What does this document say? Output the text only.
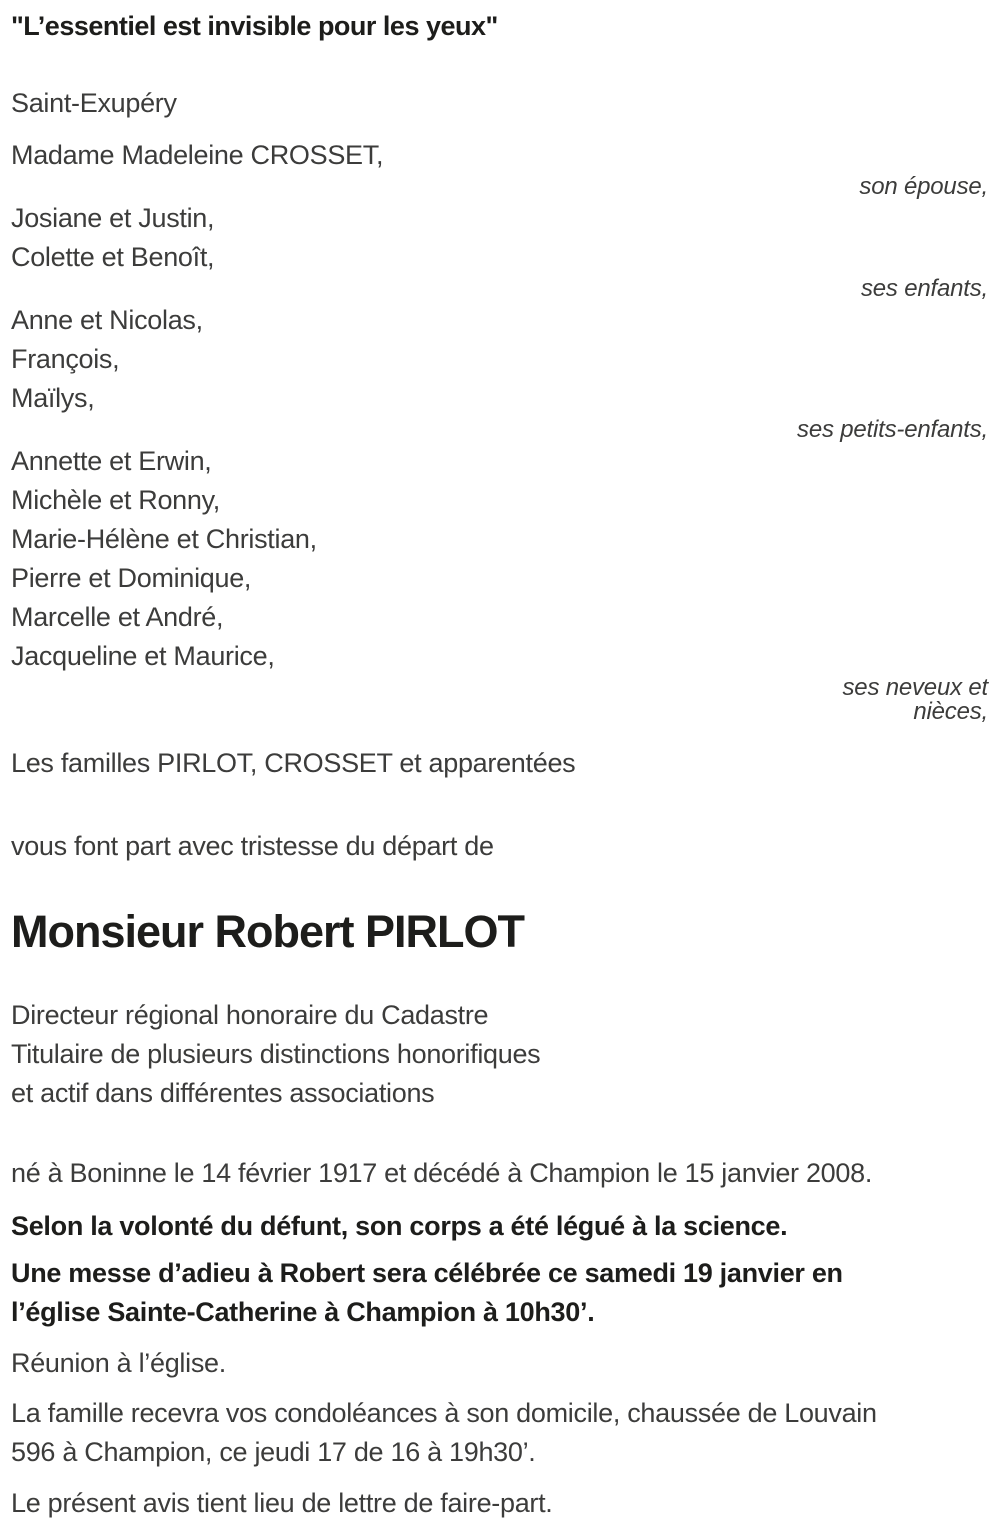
"L’essentiel est invisible pour les yeux"
Saint-Exupéry
Madame Madeleine CROSSET,
son épouse,
Josiane et Justin,
Colette et Benoît,
ses enfants,
Anne et Nicolas,
François,
Maïlys,
ses petits-enfants,
Annette et Erwin,
Michèle et Ronny,
Marie-Hélène et Christian,
Pierre et Dominique,
Marcelle et André,
Jacqueline et Maurice,
ses neveux et
nièces,
Les familles PIRLOT, CROSSET et apparentées
vous font part avec tristesse du départ de
Monsieur Robert PIRLOT
Directeur régional honoraire du Cadastre
Titulaire de plusieurs distinctions honorifiques
et actif dans différentes associations
né à Boninne le 14 février 1917 et décédé à Champion le 15 janvier 2008.
Selon la volonté du défunt, son corps a été légué à la science.
Une messe d’adieu à Robert sera célébrée ce samedi 19 janvier en
l’église Sainte-Catherine à Champion à 10h30’.
Réunion à l’église.
La famille recevra vos condoléances à son domicile, chaussée de Louvain
596 à Champion, ce jeudi 17 de 16 à 19h30’.
Le présent avis tient lieu de lettre de faire-part.
